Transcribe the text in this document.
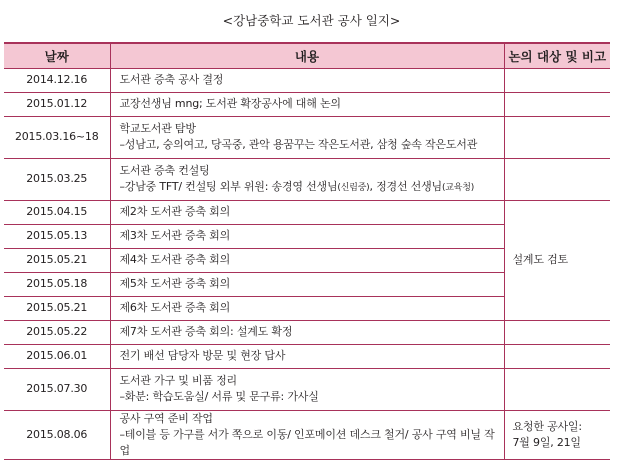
<강남중학교 도서관 공사 일지>
날짜	내용	논의 대상 및 비고
2014.12.16	도서관 증축 공사 결정	
2015.01.12	교장선생님 mng; 도서관 확장공사에 대해 논의	
2015.03.16~18	학교도서관 탐방
–성남고, 숭의여고, 당곡중, 관악 용꿈꾸는 작은도서관, 삼청 숲속 작은도서관	

2015.03.25	도서관 증축 컨설팅
–강남중 TFT/ 컨설팅 외부 위원: 송경영 선생님(신림중), 정경선 선생님(교육청)	

2015.04.15	제2차 도서관 증축 회의	설계도 검토
2015.05.13	제3차 도서관 증축 회의	
2015.05.21	제4차 도서관 증축 회의	
2015.05.18	제5차 도서관 증축 회의	
2015.05.21	제6차 도서관 증축 회의	
2015.05.22	제7차 도서관 증축 회의: 설계도 확정	
2015.06.01	전기 배선 담당자 방문 및 현장 답사	
2015.07.30	도서관 가구 및 비품 정리
–화분: 학습도움실/ 서류 및 문구류: 가사실	

2015.08.06	공사 구역 준비 작업
–테이블 등 가구를 서가 쪽으로 이동/ 인포메이션 데스크 철거/ 공사 구역 비닐 작업	요청한 공사일:
7월 9일, 21일
